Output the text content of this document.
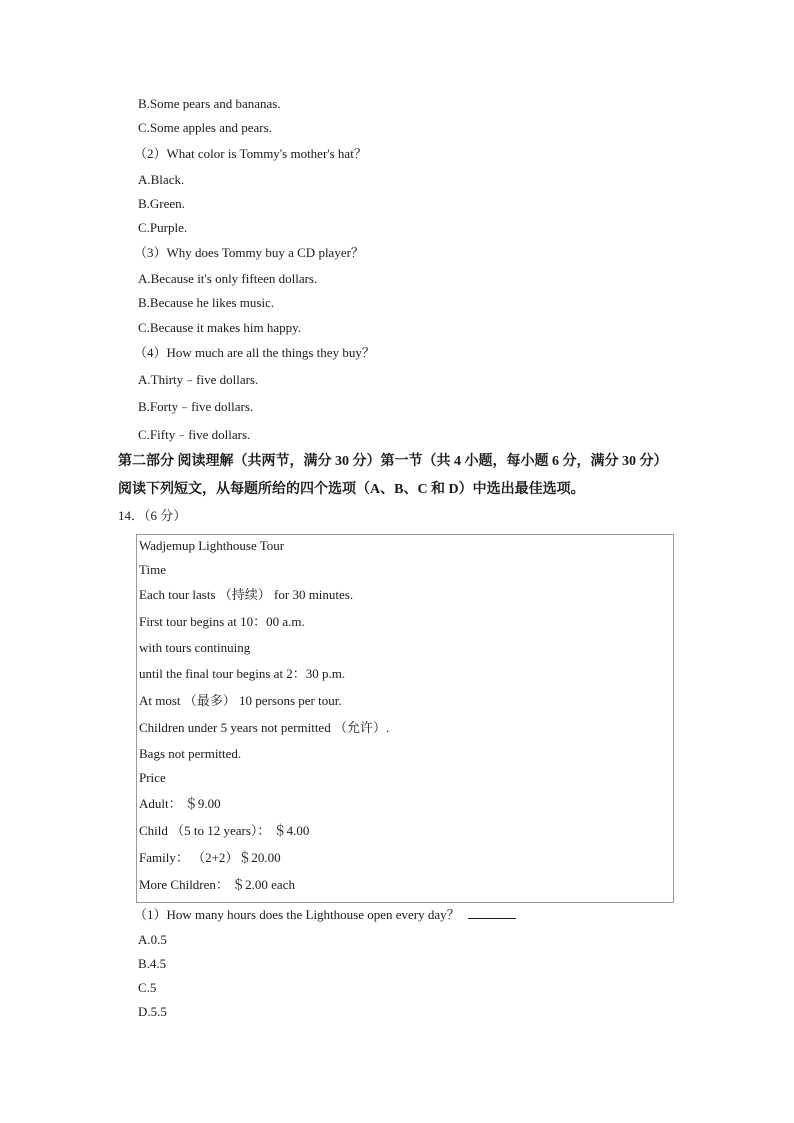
B.Some pears and bananas.
C.Some apples and pears.
（2）What color is Tommy's mother's hat？
A.Black.
B.Green.
C.Purple.
（3）Why does Tommy buy a CD player？
A.Because it's only fifteen dollars.
B.Because he likes music.
C.Because it makes him happy.
（4）How much are all the things they buy？
A.Thirty﹣five dollars.
B.Forty﹣five dollars.
C.Fifty﹣five dollars.
第二部分 阅读理解（共两节，满分 30 分）第一节（共 4 小题，每小题 6 分，满分 30 分）
阅读下列短文，从每题所给的四个选项（A、B、C 和 D）中选出最佳选项。
14．（6 分）
Wadjemup Lighthouse Tour
Time
Each tour lasts （持续） for 30 minutes.
First tour begins at 10：00 a.m.
with tours continuing
until the final tour begins at 2：30 p.m.
At most （最多） 10 persons per tour.
Children under 5 years not permitted （允许）.
Bags not permitted.
Price
Adult： ＄9.00
Child （5 to 12 years）： ＄4.00
Family： （2+2）＄20.00
More Children： ＄2.00 each
（1）How many hours does the Lighthouse open every day？
A.0.5
B.4.5
C.5
D.5.5
